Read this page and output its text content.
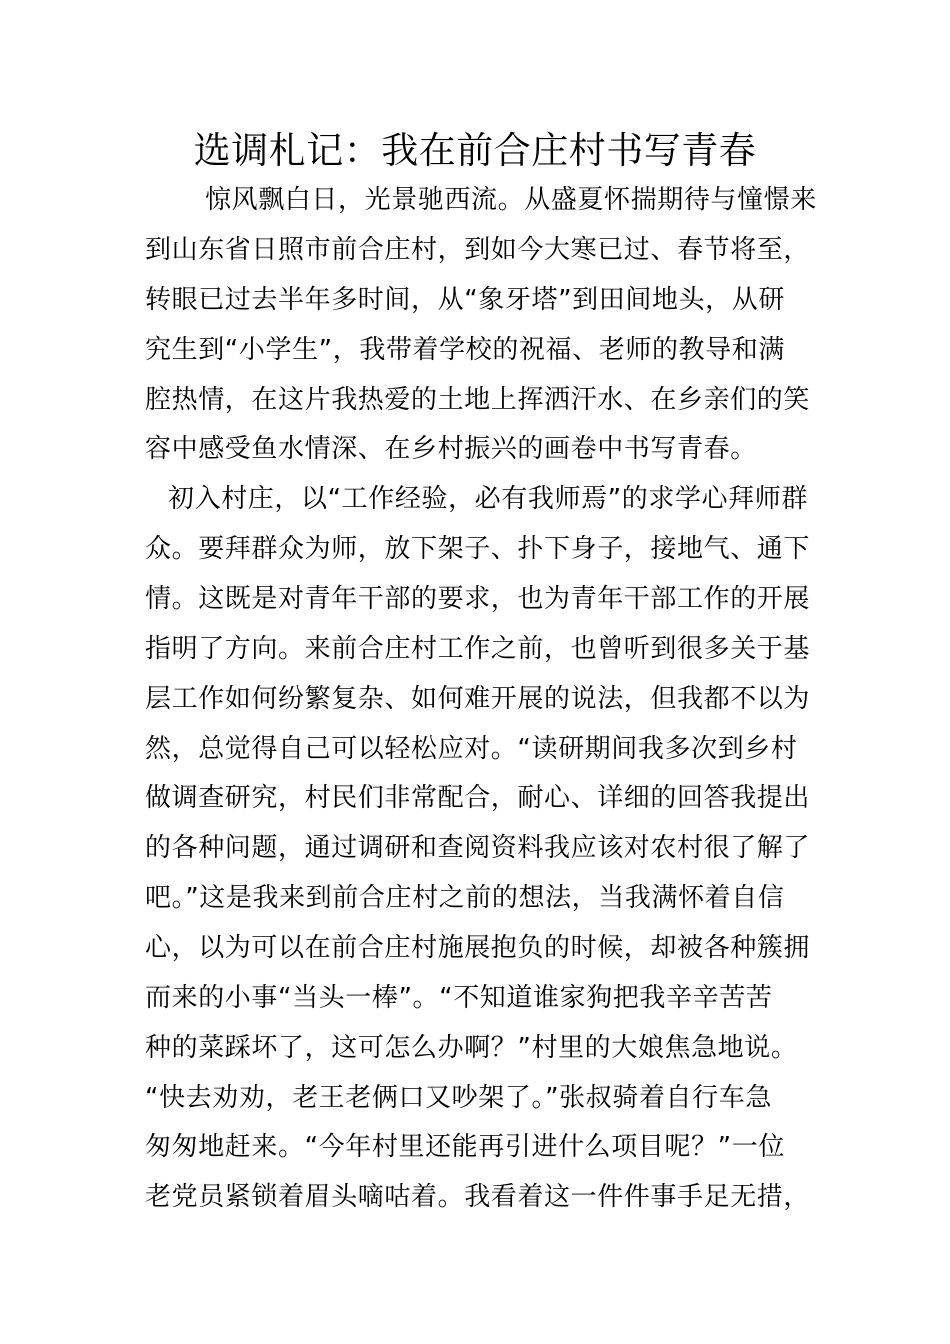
选调札记：我在前合庄村书写青春
惊风飘白日，光景驰西流。从盛夏怀揣期待与憧憬来
到山东省日照市前合庄村，到如今大寒已过、春节将至，
转眼已过去半年多时间，从“象牙塔”到田间地头，从研
究生到“小学生”，我带着学校的祝福、老师的教导和满
腔热情，在这片我热爱的土地上挥洒汗水、在乡亲们的笑
容中感受鱼水情深、在乡村振兴的画卷中书写青春。
初入村庄，以“工作经验，必有我师焉”的求学心拜师群
众。要拜群众为师，放下架子、扑下身子，接地气、通下
情。这既是对青年干部的要求，也为青年干部工作的开展
指明了方向。来前合庄村工作之前，也曾听到很多关于基
层工作如何纷繁复杂、如何难开展的说法，但我都不以为
然，总觉得自己可以轻松应对。“读研期间我多次到乡村
做调查研究，村民们非常配合，耐心、详细的回答我提出
的各种问题，通过调研和查阅资料我应该对农村很了解了
吧。”这是我来到前合庄村之前的想法，当我满怀着自信
心，以为可以在前合庄村施展抱负的时候，却被各种簇拥
而来的小事“当头一棒”。“不知道谁家狗把我辛辛苦苦
种的菜踩坏了，这可怎么办啊？”村里的大娘焦急地说。
“快去劝劝，老王老俩口又吵架了。”张叔骑着自行车急
匆匆地赶来。“今年村里还能再引进什么项目呢？”一位
老党员紧锁着眉头嘀咕着。我看着这一件件事手足无措，
